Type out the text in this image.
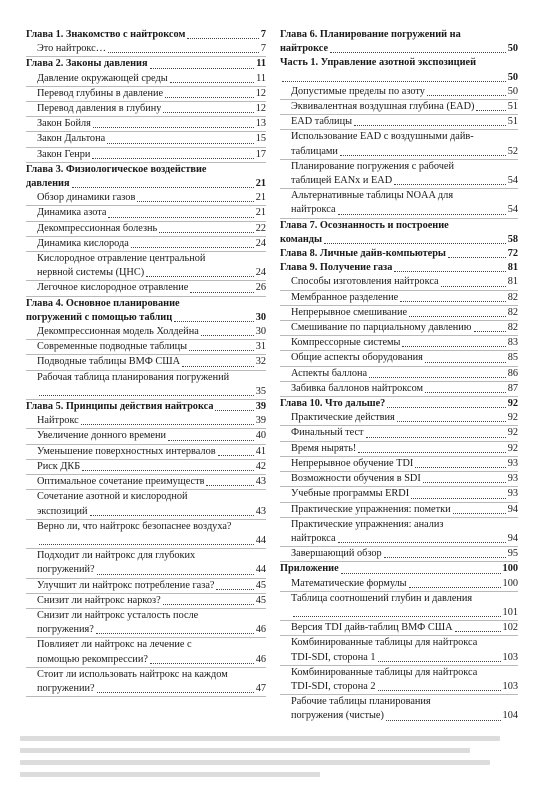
Глава 1. Знакомство с найтроксом	7
Это найтрокс…	7
Глава 2. Законы давления	11
Давление окружающей среды	11
Перевод глубины в давление	12
Перевод давления в глубину	12
Закон Бойля	13
Закон Дальтона	15
Закон Генри	17
Глава 3. Физиологическое воздействие
давления	21
Обзор динамики газов	21
Динамика азота	21
Декомпрессионная болезнь	22
Динамика кислорода	24
Кислородное отравление центральной
нервной системы (ЦНС)	24
Легочное кислородное отравление	26
Глава 4. Основное планирование
погружений с помощью таблиц	30
Декомпрессионная модель Холдейна	30
Современные подводные таблицы	31
Подводные таблицы ВМФ США	32
Рабочая таблица планирования погружений
35
Глава 5. Принципы действия найтрокса	39
Найтрокс	39
Увеличение донного времени	40
Уменьшение поверхностных интервалов	41
Риск ДКБ	42
Оптимальное сочетание преимуществ	43
Сочетание азотной и кислородной
экспозиций	43
Верно ли, что найтрокс безопаснее воздуха?
44
Подходит ли найтрокс для глубоких
погружений?	44
Улучшит ли найтрокс потребление газа?	45
Снизит ли найтрокс наркоз?	45
Снизит ли найтрокс усталость после
погружения?	46
Повлияет ли найтрокс на лечение с
помощью рекомпрессии?	46
Стоит ли использовать найтрокс на каждом
погружении?	47
Глава 6. Планирование погружений на
найтроксе	50
Часть 1. Управление азотной экспозицией
50
Допустимые пределы по азоту	50
Эквивалентная воздушная глубина (EAD)	51
EAD таблицы	51
Использование EAD с воздушными дайв-
таблицами	52
Планирование погружения с рабочей
таблицей EANx и EAD	54
Альтернативные таблицы NOAA для
найтрокса	54
Глава 7. Осознанность и построение
команды	58
Глава 8. Личные дайв-компьютеры	72
Глава 9. Получение газа	81
Способы изготовления найтрокса	81
Мембранное разделение	82
Непрерывное смешивание	82
Смешивание по парциальному давлению	82
Компрессорные системы	83
Общие аспекты оборудования	85
Аспекты баллона	86
Забивка баллонов найтроксом	87
Глава 10. Что дальше?	92
Практические действия	92
Финальный тест	92
Время нырять!	92
Непрерывное обучение TDI	93
Возможности обучения в SDI	93
Учебные программы ERDI	93
Практические упражнения: пометки	94
Практические упражнения: анализ
найтрокса	94
Завершающий обзор	95
Приложение	100
Математические формулы	100
Таблица соотношений глубин и давления
101
Версия TDI дайв-таблиц ВМФ США	102
Комбинированные таблицы для найтрокса
TDI-SDI, сторона 1	103
Комбинированные таблицы для найтрокса
TDI-SDI, сторона 2	103
Рабочие таблицы планирования
погружения (чистые)	104
